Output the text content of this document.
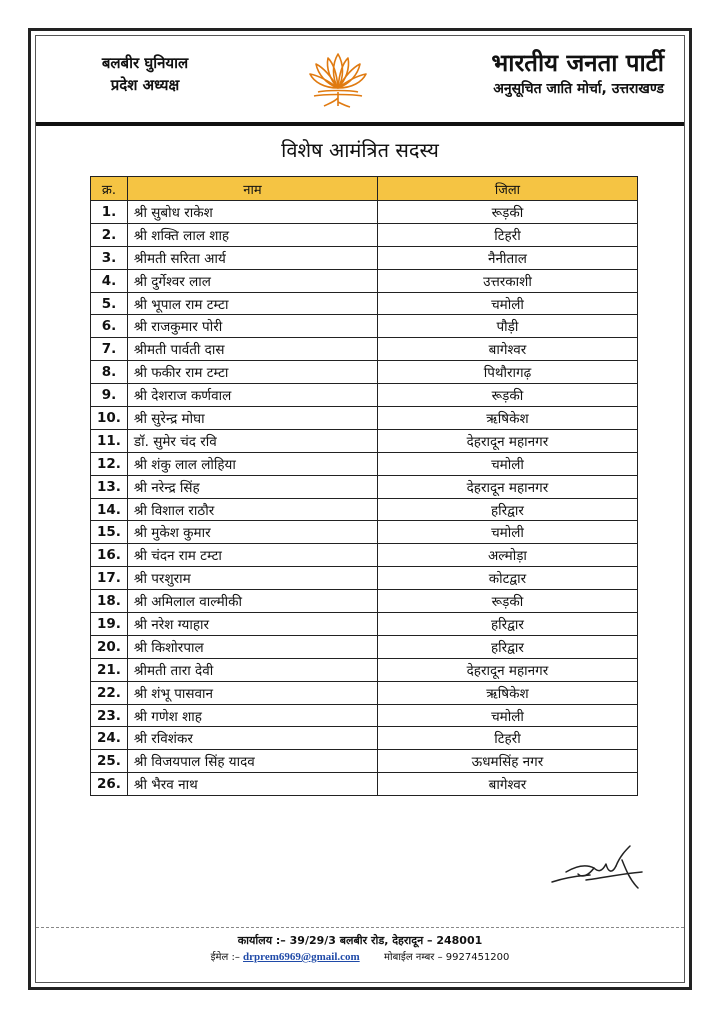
बलबीर घुनियाल
प्रदेश अध्यक्ष
भारतीय जनता पार्टी
अनुसूचित जाति मोर्चा, उत्तराखण्ड
विशेष आमंत्रित सदस्य
क्र.	नाम	जिला
1.	श्री सुबोध राकेश	रूड़की
2.	श्री शक्ति लाल शाह	टिहरी
3.	श्रीमती सरिता आर्य	नैनीताल
4.	श्री दुर्गेश्वर लाल	उत्तरकाशी
5.	श्री भूपाल राम टम्टा	चमोली
6.	श्री राजकुमार पोरी	पौड़ी
7.	श्रीमती पार्वती दास	बागेश्वर
8.	श्री फकीर राम टम्टा	पिथौरागढ़
9.	श्री देशराज कर्णवाल	रूड़की
10.	श्री सुरेन्द्र मोघा	ऋषिकेश
11.	डॉ. सुमेर चंद रवि	देहरादून महानगर
12.	श्री शंकु लाल लोहिया	चमोली
13.	श्री नरेन्द्र सिंह	देहरादून महानगर
14.	श्री विशाल राठौर	हरिद्वार
15.	श्री मुकेश कुमार	चमोली
16.	श्री चंदन राम टम्टा	अल्मोड़ा
17.	श्री परशुराम	कोटद्वार
18.	श्री अमिलाल वाल्मीकी	रूड़की
19.	श्री नरेश ग्याहार	हरिद्वार
20.	श्री किशोरपाल	हरिद्वार
21.	श्रीमती तारा देवी	देहरादून महानगर
22.	श्री शंभू पासवान	ऋषिकेश
23.	श्री गणेश शाह	चमोली
24.	श्री रविशंकर	टिहरी
25.	श्री विजयपाल सिंह यादव	ऊधमसिंह नगर
26.	श्री भैरव नाथ	बागेश्वर
कार्यालय :– 39/29/3 बलबीर रोड, देहरादून – 248001
ईमेल :– drprem6969@gmail.com मोबाईल नम्बर – 9927451200
